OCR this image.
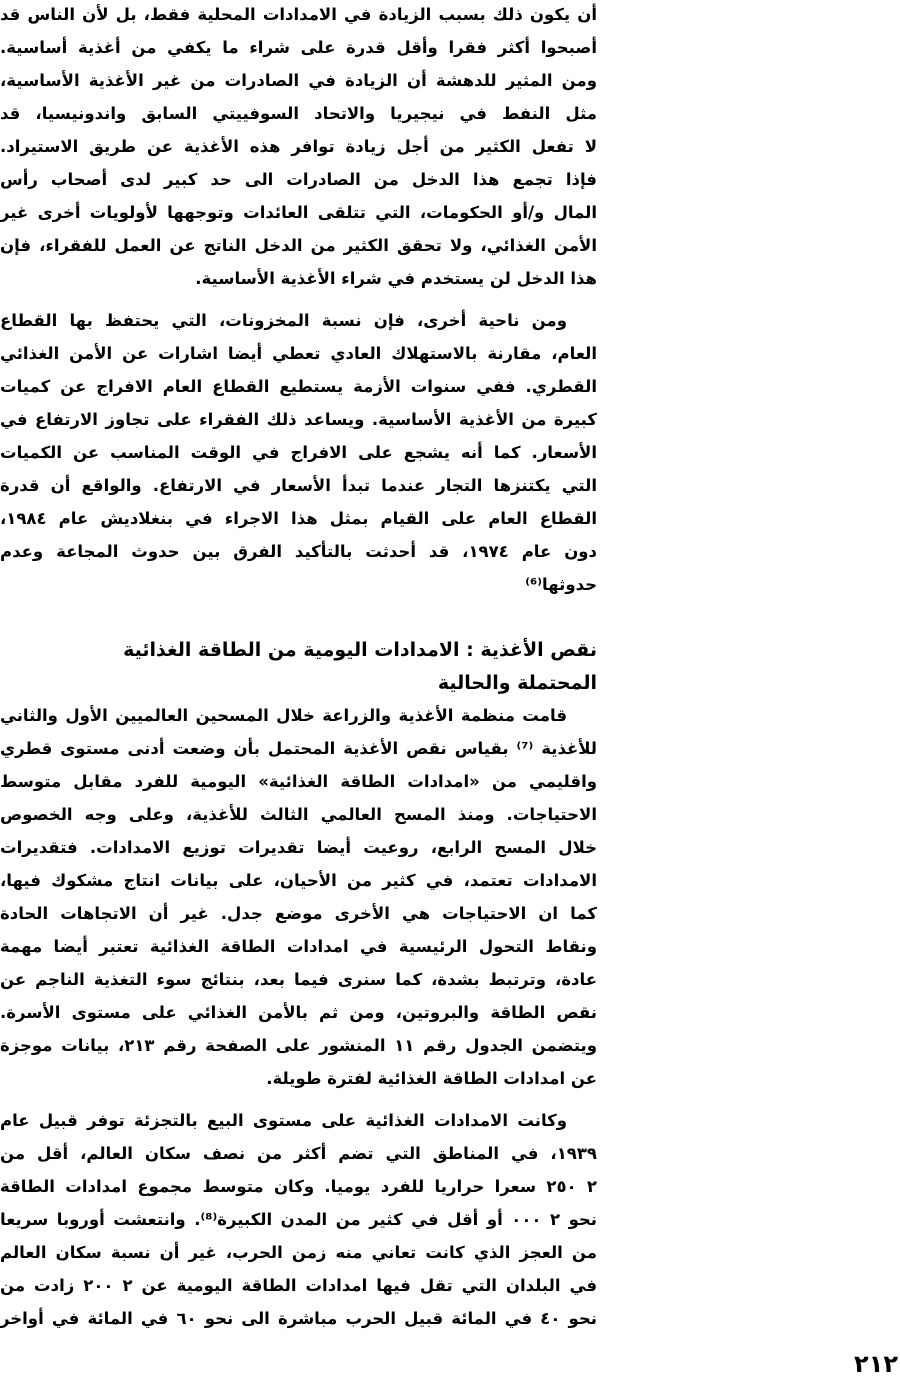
أن يكون ذلك بسبب الزيادة في الامدادات المحلية فقط، بل لأن الناس قد
أصبحوا أكثر فقرا وأقل قدرة على شراء ما يكفي من أغذية أساسية.
ومن المثير للدهشة أن الزيادة في الصادرات من غير الأغذية الأساسية،
مثل النفط في نيجيريا والاتحاد السوفييتي السابق واندونيسيا، قد
لا تفعل الكثير من أجل زيادة توافر هذه الأغذية عن طريق الاستيراد.
فإذا تجمع هذا الدخل من الصادرات الى حد كبير لدى أصحاب رأس
المال و/أو الحكومات، التي تتلقى العائدات وتوجهها لأولويات أخرى غير
الأمن الغذائي، ولا تحقق الكثير من الدخل الناتج عن العمل للفقراء، فإن
هذا الدخل لن يستخدم في شراء الأغذية الأساسية.
ومن ناحية أخرى، فإن نسبة المخزونات، التي يحتفظ بها القطاع
العام، مقارنة بالاستهلاك العادي تعطي أيضا اشارات عن الأمن الغذائي
القطري. ففي سنوات الأزمة يستطيع القطاع العام الافراج عن كميات
كبيرة من الأغذية الأساسية. ويساعد ذلك الفقراء على تجاوز الارتفاع في
الأسعار. كما أنه يشجع على الافراج في الوقت المناسب عن الكميات
التي يكتنزها التجار عندما تبدأ الأسعار في الارتفاع. والواقع أن قدرة
القطاع العام على القيام بمثل هذا الاجراء في بنغلاديش عام ١٩٨٤،
دون عام ١٩٧٤، قد أحدثت بالتأكيد الفرق بين حدوث المجاعة وعدم
حدوثها⁽⁶⁾
نقص الأغذية : الامدادات اليومية من الطاقة الغذائية
المحتملة والحالية
قامت منظمة الأغذية والزراعة خلال المسحين العالميين الأول والثاني
للأغذية ⁽⁷⁾ بقياس نقص الأغذية المحتمل بأن وضعت أدنى مستوى قطري
واقليمي من «امدادات الطاقة الغذائية» اليومية للفرد مقابل متوسط
الاحتياجات. ومنذ المسح العالمي الثالث للأغذية، وعلى وجه الخصوص
خلال المسح الرابع، روعيت أيضا تقديرات توزيع الامدادات. فتقديرات
الامدادات تعتمد، في كثير من الأحيان، على بيانات انتاج مشكوك فيها،
كما ان الاحتياجات هي الأخرى موضع جدل. غير أن الاتجاهات الحادة
ونقاط التحول الرئيسية في امدادات الطاقة الغذائية تعتبر أيضا مهمة
عادة، وترتبط بشدة، كما سنرى فيما بعد، بنتائج سوء التغذية الناجم عن
نقص الطاقة والبروتين، ومن ثم بالأمن الغذائي على مستوى الأسرة.
ويتضمن الجدول رقم ١١ المنشور على الصفحة رقم ٢١٣، بيانات موجزة
عن امدادات الطاقة الغذائية لفترة طويلة.
وكانت الامدادات الغذائية على مستوى البيع بالتجزئة توفر قبيل عام
١٩٣٩، في المناطق التي تضم أكثر من نصف سكان العالم، أقل من
٢ ٢٥٠ سعرا حراريا للفرد يوميا. وكان متوسط مجموع امدادات الطاقة
نحو ٢ ٠٠٠ أو أقل في كثير من المدن الكبيرة⁽⁸⁾. وانتعشت أوروبا سريعا
من العجز الذي كانت تعاني منه زمن الحرب، غير أن نسبة سكان العالم
في البلدان التي تقل فيها امدادات الطاقة اليومية عن ٢ ٢٠٠ زادت من
نحو ٤٠ في المائة قبيل الحرب مباشرة الى نحو ٦٠ في المائة في أواخر
٢١٢
